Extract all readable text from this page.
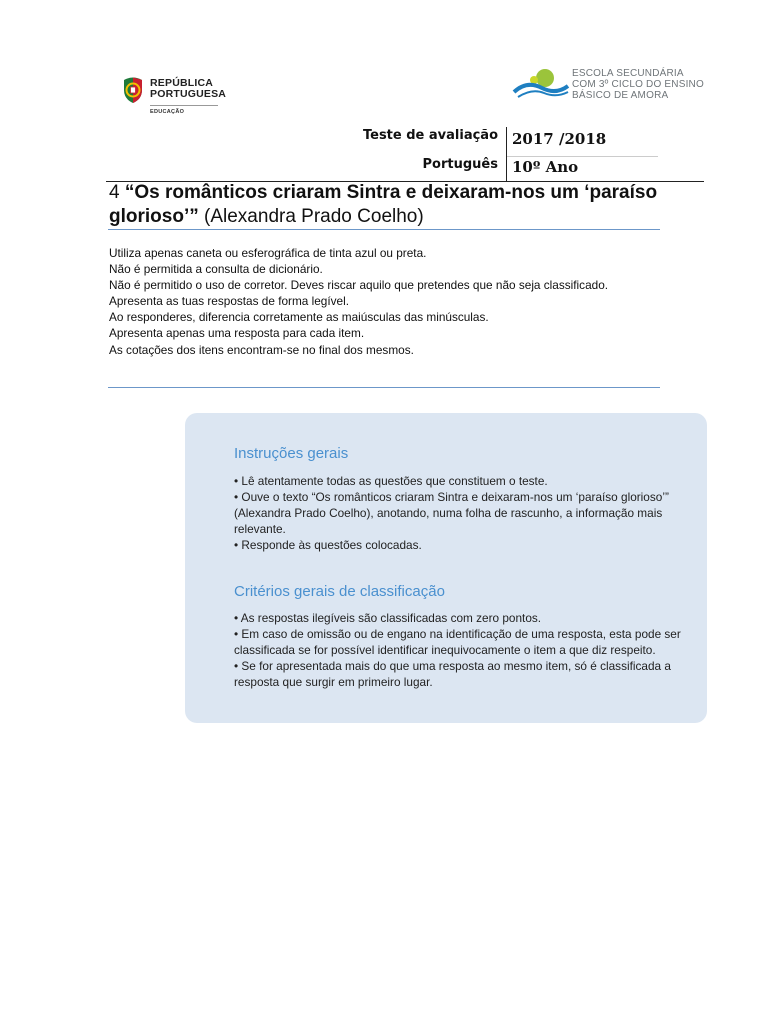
REPÚBLICA
PORTUGUESA
EDUCAÇÃO
ESCOLA SECUNDÁRIA
COM 3º CICLO DO ENSINO
BÁSICO DE AMORA
Teste de avaliação 2017 /2018
Português 10º Ano
4 “Os românticos criaram Sintra e deixaram-nos um ‘paraíso glorioso’” (Alexandra Prado Coelho)
Utiliza apenas caneta ou esferográfica de tinta azul ou preta.
Não é permitida a consulta de dicionário.
Não é permitido o uso de corretor. Deves riscar aquilo que pretendes que não seja classificado.
Apresenta as tuas respostas de forma legível.
Ao responderes, diferencia corretamente as maiúsculas das minúsculas.
Apresenta apenas uma resposta para cada item.
As cotações dos itens encontram-se no final dos mesmos.
Instruções gerais
• Lê atentamente todas as questões que constituem o teste.
• Ouve o texto “Os românticos criaram Sintra e deixaram-nos um ‘paraíso glorioso’” (Alexandra Prado Coelho), anotando, numa folha de rascunho, a informação mais relevante.
• Responde às questões colocadas.
Critérios gerais de classificação
• As respostas ilegíveis são classificadas com zero pontos.
• Em caso de omissão ou de engano na identificação de uma resposta, esta pode ser classificada se for possível identificar inequivocamente o item a que diz respeito.
• Se for apresentada mais do que uma resposta ao mesmo item, só é classificada a resposta que surgir em primeiro lugar.
